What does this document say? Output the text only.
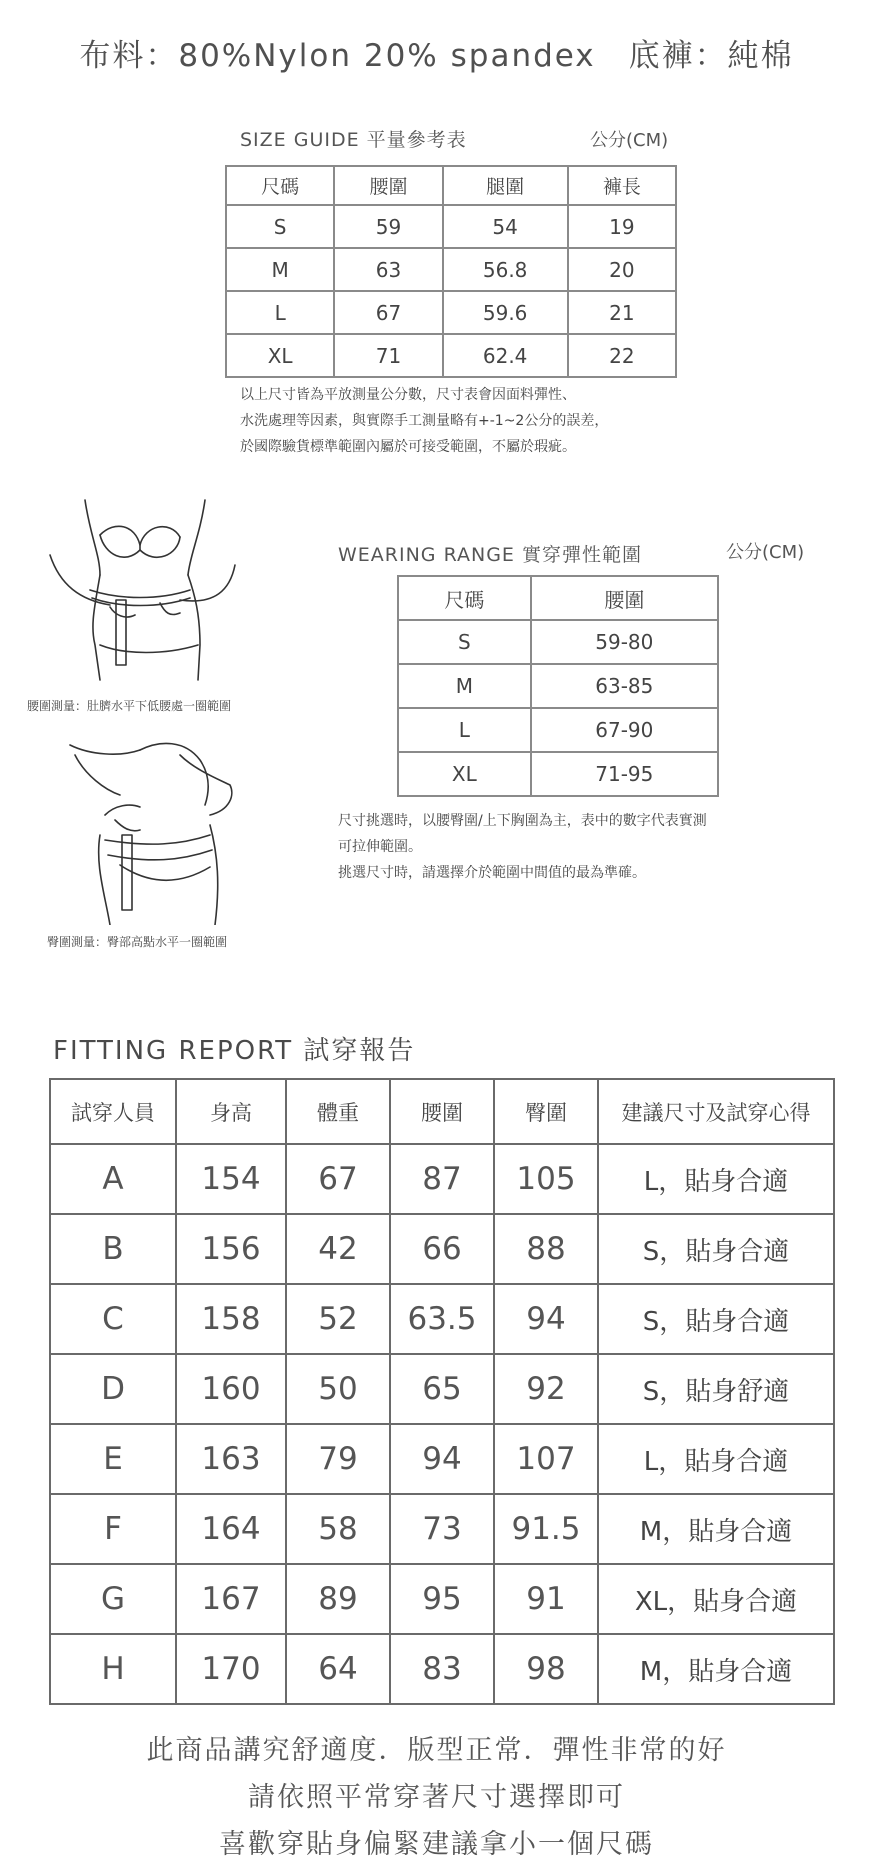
布料：80%Nylon 20% spandex　底褲：純棉
SIZE GUIDE 平量參考表	公分(CM)
尺碼	腰圍	腿圍	褲長
S	59	54	19
M	63	56.8	20
L	67	59.6	21
XL	71	62.4	22
以上尺寸皆為平放測量公分數，尺寸表會因面料彈性、
水洗處理等因素，與實際手工測量略有+-1~2公分的誤差，
於國際驗貨標準範圍內屬於可接受範圍，不屬於瑕疵。
腰圍測量：肚臍水平下低腰處一圈範圍
臀圍測量：臀部高點水平一圈範圍
WEARING RANGE 實穿彈性範圍	公分(CM)
尺碼	腰圍
S	59-80
M	63-85
L	67-90
XL	71-95
尺寸挑選時，以腰臀圍/上下胸圍為主，表中的數字代表實測
可拉伸範圍。
挑選尺寸時，請選擇介於範圍中間值的最為準確。
FITTING REPORT 試穿報告
試穿人員	身高	體重	腰圍	臀圍	建議尺寸及試穿心得
A	154	67	87	105	L，貼身合適
B	156	42	66	88	S，貼身合適
C	158	52	63.5	94	S，貼身合適
D	160	50	65	92	S，貼身舒適
E	163	79	94	107	L，貼身合適
F	164	58	73	91.5	M，貼身合適
G	167	89	95	91	XL，貼身合適
H	170	64	83	98	M，貼身合適
此商品講究舒適度．版型正常．彈性非常的好
請依照平常穿著尺寸選擇即可
喜歡穿貼身偏緊建議拿小一個尺碼
